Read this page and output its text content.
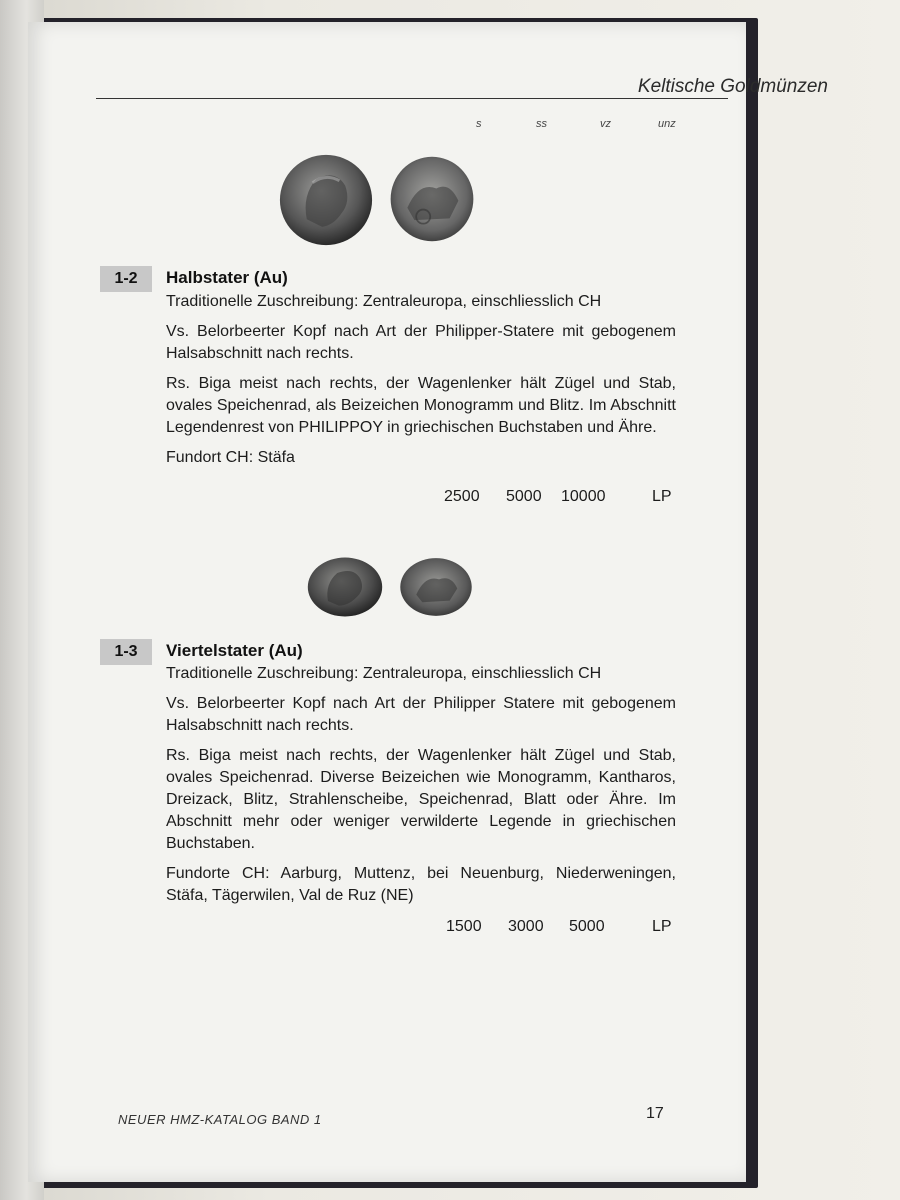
Keltische Goldmünzen
s	ss	vz	unz
1-2	Halbstater (Au)

Traditionelle Zuschreibung: Zentraleuropa, einschliesslich CH

Vs. Belorbeerter Kopf nach Art der Philipper-Statere mit gebogenem Halsabschnitt nach rechts.

Rs. Biga meist nach rechts, der Wagenlenker hält Zügel und Stab, ovales Speichenrad, als Beizeichen Monogramm und Blitz. Im Abschnitt Legendenrest von PHILIPPOY in griechischen Buchstaben und Ähre.

Fundort CH: Stäfa

2500 5000 10000	LP
1-3	Viertelstater (Au)

Traditionelle Zuschreibung: Zentraleuropa, einschliesslich CH

Vs. Belorbeerter Kopf nach Art der Philipper Statere mit gebogenem Halsabschnitt nach rechts.

Rs. Biga meist nach rechts, der Wagenlenker hält Zügel und Stab, ovales Speichenrad. Diverse Beizeichen wie Monogramm, Kantharos, Dreizack, Blitz, Strahlenscheibe, Speichenrad, Blatt oder Ähre. Im Abschnitt mehr oder weniger verwilderte Legende in griechischen Buchstaben.

Fundorte CH: Aarburg, Muttenz, bei Neuenburg, Niederweningen, Stäfa, Tägerwilen, Val de Ruz (NE)

1500 3000 5000	LP
NEUER HMZ-KATALOG BAND 1	17
